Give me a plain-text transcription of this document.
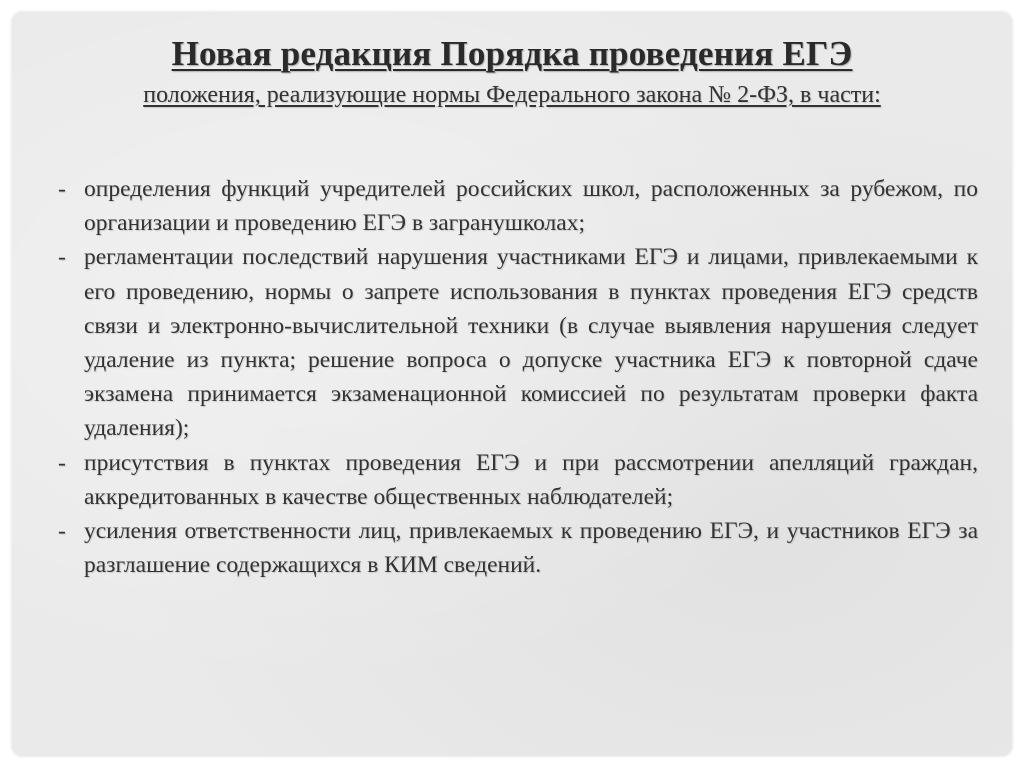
Новая редакция Порядка проведения ЕГЭ
положения, реализующие нормы Федерального закона № 2-ФЗ, в части:
- определения функций учредителей российских школ, расположенных за рубежом, по организации и проведению ЕГЭ в загранушколах;
- регламентации последствий нарушения участниками ЕГЭ и лицами, привлекаемыми к его проведению, нормы о запрете использования в пунктах проведения ЕГЭ средств связи и электронно-вычислительной техники (в случае выявления нарушения следует удаление из пункта; решение вопроса о допуске участника ЕГЭ к повторной сдаче экзамена принимается экзаменационной комиссией по результатам проверки факта удаления);
- присутствия в пунктах проведения ЕГЭ и при рассмотрении апелляций граждан, аккредитованных в качестве общественных наблюдателей;
- усиления ответственности лиц, привлекаемых к проведению ЕГЭ, и участников ЕГЭ за разглашение содержащихся в КИМ сведений.
